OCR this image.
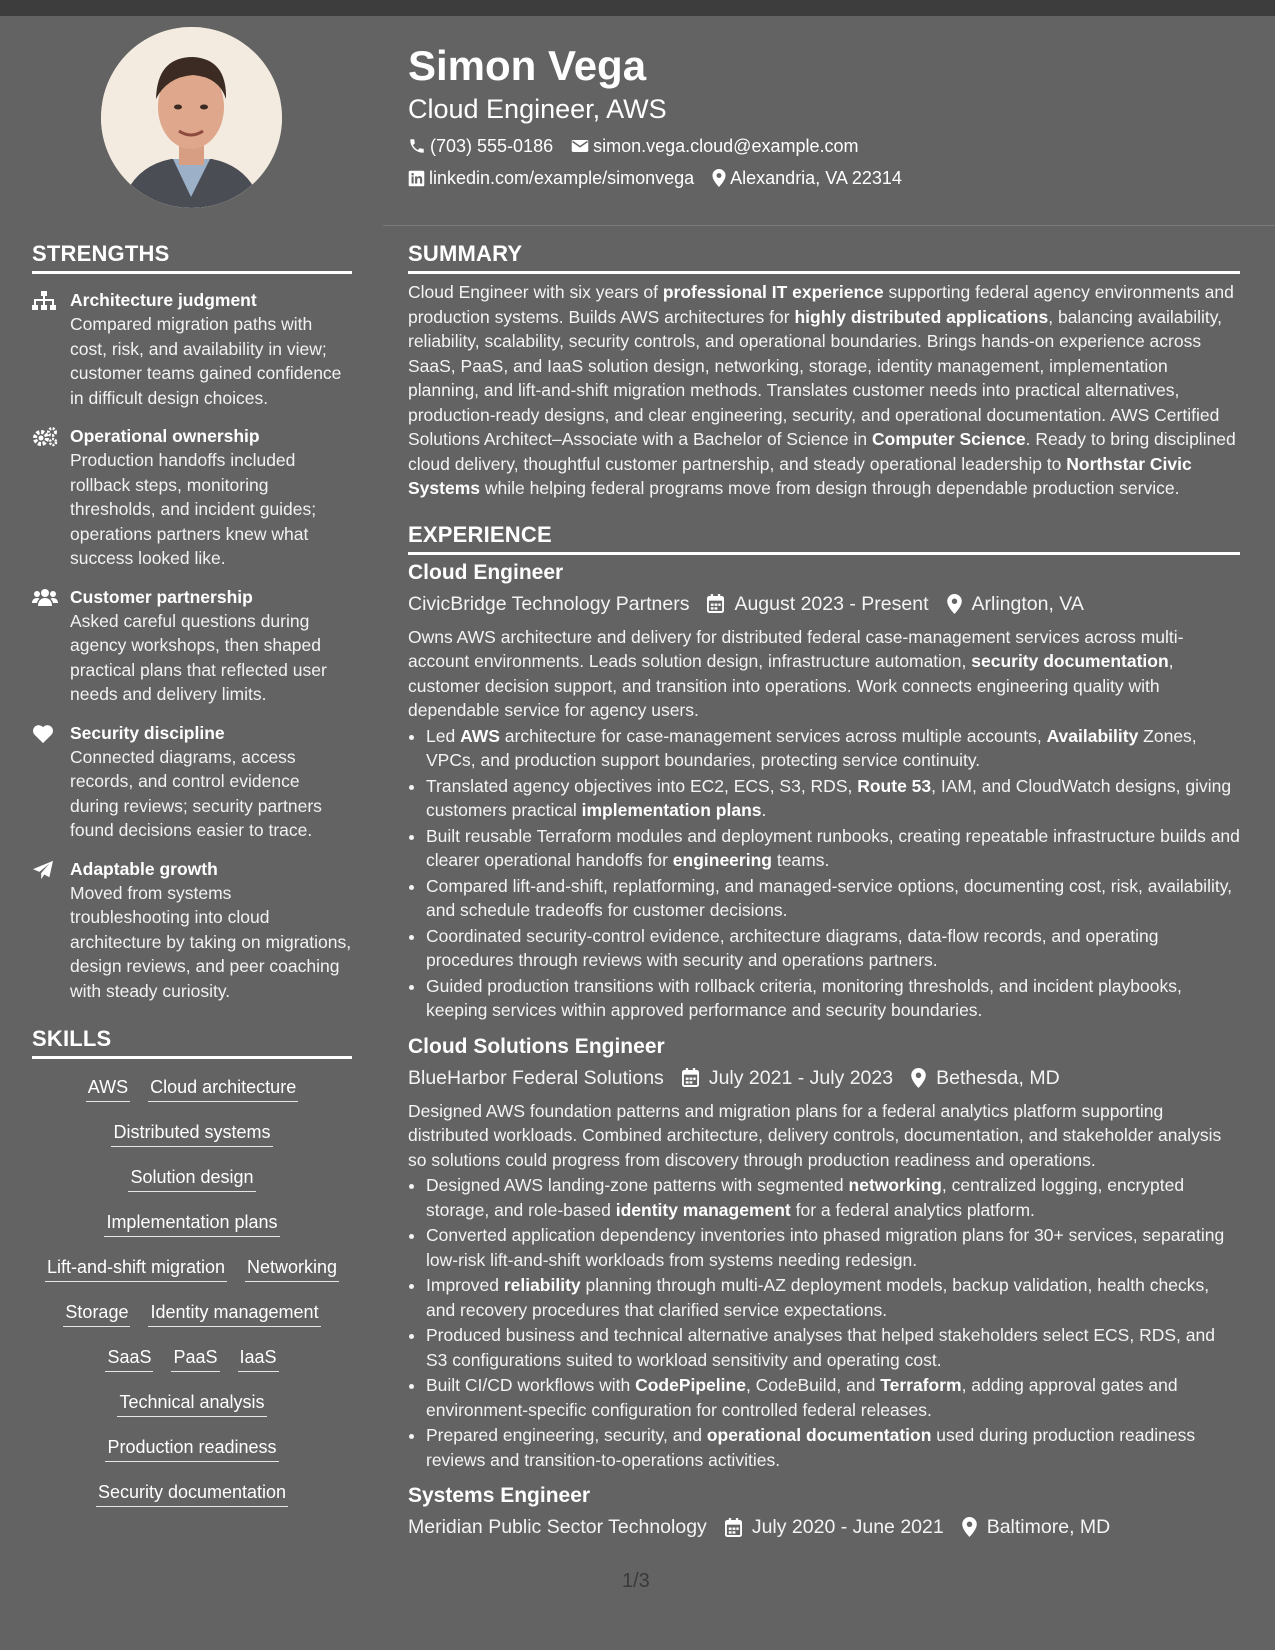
Simon Vega
Cloud Engineer, AWS
(703) 555-0186 simon.vega.cloud@example.com
linkedin.com/example/simonvega Alexandria, VA 22314
STRENGTHS
Architecture judgment
Compared migration paths with cost, risk, and availability in view; customer teams gained confidence in difficult design choices.
Operational ownership
Production handoffs included rollback steps, monitoring thresholds, and incident guides; operations partners knew what success looked like.
Customer partnership
Asked careful questions during agency workshops, then shaped practical plans that reflected user needs and delivery limits.
Security discipline
Connected diagrams, access records, and control evidence during reviews; security partners found decisions easier to trace.
Adaptable growth
Moved from systems troubleshooting into cloud architecture by taking on migrations, design reviews, and peer coaching with steady curiosity.
SKILLS
AWS Cloud architecture
Distributed systems
Solution design
Implementation plans
Lift-and-shift migration Networking
Storage Identity management
SaaS PaaS IaaS
Technical analysis
Production readiness
Security documentation
SUMMARY
Cloud Engineer with six years of professional IT experience supporting federal agency environments and production systems. Builds AWS architectures for highly distributed applications, balancing availability, reliability, scalability, security controls, and operational boundaries. Brings hands-on experience across SaaS, PaaS, and IaaS solution design, networking, storage, identity management, implementation planning, and lift-and-shift migration methods. Translates customer needs into practical alternatives, production-ready designs, and clear engineering, security, and operational documentation. AWS Certified Solutions Architect–Associate with a Bachelor of Science in Computer Science. Ready to bring disciplined cloud delivery, thoughtful customer partnership, and steady operational leadership to Northstar Civic Systems while helping federal programs move from design through dependable production service.
EXPERIENCE
Cloud Engineer
CivicBridge Technology Partners	August 2023 - Present	Arlington, VA
Owns AWS architecture and delivery for distributed federal case-management services across multi-account environments. Leads solution design, infrastructure automation, security documentation, customer decision support, and transition into operations. Work connects engineering quality with dependable service for agency users.
• Led AWS architecture for case-management services across multiple accounts, Availability Zones, VPCs, and production support boundaries, protecting service continuity.
• Translated agency objectives into EC2, ECS, S3, RDS, Route 53, IAM, and CloudWatch designs, giving customers practical implementation plans.
• Built reusable Terraform modules and deployment runbooks, creating repeatable infrastructure builds and clearer operational handoffs for engineering teams.
• Compared lift-and-shift, replatforming, and managed-service options, documenting cost, risk, availability, and schedule tradeoffs for customer decisions.
• Coordinated security-control evidence, architecture diagrams, data-flow records, and operating procedures through reviews with security and operations partners.
• Guided production transitions with rollback criteria, monitoring thresholds, and incident playbooks, keeping services within approved performance and security boundaries.
Cloud Solutions Engineer
BlueHarbor Federal Solutions	July 2021 - July 2023	Bethesda, MD
Designed AWS foundation patterns and migration plans for a federal analytics platform supporting distributed workloads. Combined architecture, delivery controls, documentation, and stakeholder analysis so solutions could progress from discovery through production readiness and operations.
• Designed AWS landing-zone patterns with segmented networking, centralized logging, encrypted storage, and role-based identity management for a federal analytics platform.
• Converted application dependency inventories into phased migration plans for 30+ services, separating low-risk lift-and-shift workloads from systems needing redesign.
• Improved reliability planning through multi-AZ deployment models, backup validation, health checks, and recovery procedures that clarified service expectations.
• Produced business and technical alternative analyses that helped stakeholders select ECS, RDS, and S3 configurations suited to workload sensitivity and operating cost.
• Built CI/CD workflows with CodePipeline, CodeBuild, and Terraform, adding approval gates and environment-specific configuration for controlled federal releases.
• Prepared engineering, security, and operational documentation used during production readiness reviews and transition-to-operations activities.
Systems Engineer
Meridian Public Sector Technology	July 2020 - June 2021	Baltimore, MD
1/3
